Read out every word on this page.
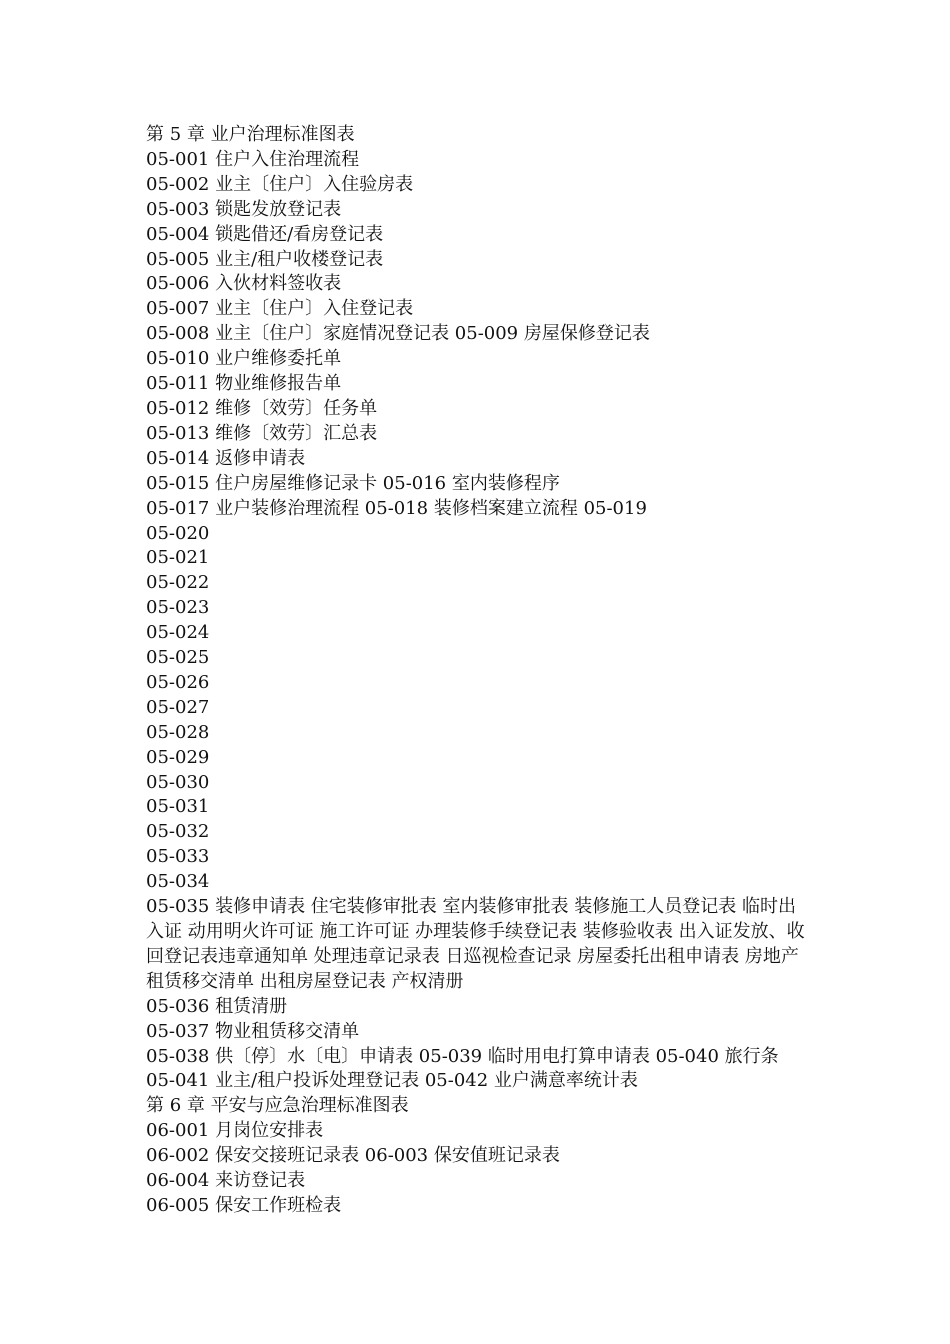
第 5 章 业户治理标准图表
05-001 住户入住治理流程
05-002 业主〔住户〕入住验房表
05-003 锁匙发放登记表
05-004 锁匙借还/看房登记表
05-005 业主/租户收楼登记表
05-006 入伙材料签收表
05-007 业主〔住户〕入住登记表
05-008 业主〔住户〕家庭情况登记表 05-009 房屋保修登记表
05-010 业户维修委托单
05-011 物业维修报告单
05-012 维修〔效劳〕任务单
05-013 维修〔效劳〕汇总表
05-014 返修申请表
05-015 住户房屋维修记录卡 05-016 室内装修程序
05-017 业户装修治理流程 05-018 装修档案建立流程 05-019
05-020
05-021
05-022
05-023
05-024
05-025
05-026
05-027
05-028
05-029
05-030
05-031
05-032
05-033
05-034
05-035 装修申请表 住宅装修审批表 室内装修审批表 装修施工人员登记表 临时出入证 动用明火许可证 施工许可证 办理装修手续登记表 装修验收表 出入证发放、收回登记表违章通知单 处理违章记录表 日巡视检查记录 房屋委托出租申请表 房地产租赁移交清单 出租房屋登记表 产权清册
05-036 租赁清册
05-037 物业租赁移交清单
05-038 供〔停〕水〔电〕申请表 05-039 临时用电打算申请表 05-040 旅行条
05-041 业主/租户投诉处理登记表 05-042 业户满意率统计表
第 6 章 平安与应急治理标准图表
06-001 月岗位安排表
06-002 保安交接班记录表 06-003 保安值班记录表
06-004 来访登记表
06-005 保安工作班检表
